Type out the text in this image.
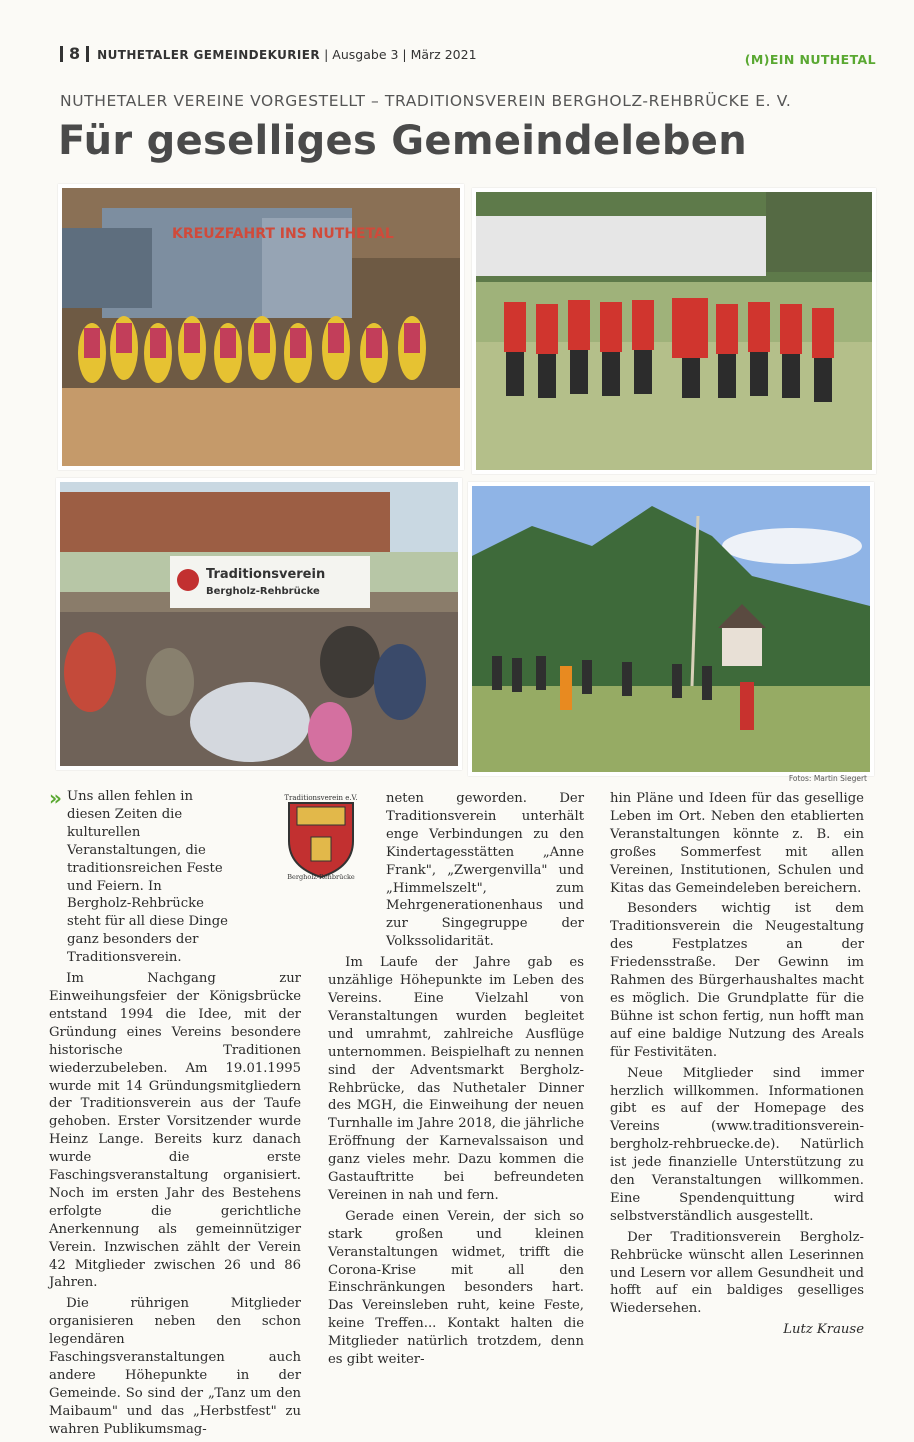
8 NUTHETALER GEMEINDEKURIER | Ausgabe 3 | März 2021	(M)EIN NUTHETAL
NUTHETALER VEREINE VORGESTELLT – TRADITIONSVEREIN BERGHOLZ-REHBRÜCKE E. V.
Für geselliges Gemeindeleben
KREUZFAHRT INS NUTHETAL
Traditionsverein
Bergholz-Rehbrücke
Fotos: Martin Siegert
» Uns allen fehlen in diesen Zeiten die kulturellen Veranstaltungen, die traditionsreichen Feste und Feiern. In Bergholz-Rehbrücke steht für all diese Dinge ganz besonders der Traditionsverein.

Im Nachgang zur Einweihungsfeier der Königsbrücke entstand 1994 die Idee, mit der Gründung eines Vereins besondere historische Traditionen wiederzubeleben. Am 19.01.1995 wurde mit 14 Gründungsmitgliedern der Traditionsverein aus der Taufe gehoben. Erster Vorsitzender wurde Heinz Lange. Bereits kurz danach wurde die erste Faschingsveranstaltung organisiert. Noch im ersten Jahr des Bestehens erfolgte die gerichtliche Anerkennung als gemeinnütziger Verein. Inzwischen zählt der Verein 42 Mitglieder zwischen 26 und 86 Jahren.

Die rührigen Mitglieder organisieren neben den schon legendären Faschingsveranstaltungen auch andere Höhepunkte in der Gemeinde. So sind der „Tanz um den Maibaum" und das „Herbstfest" zu wahren Publikumsmag-

Traditionsverein e.V.
Bergholz-Rehbrücke

neten geworden. Der Traditionsverein unterhält enge Verbindungen zu den Kindertagesstätten „Anne Frank", „Zwergenvilla" und „Himmelszelt", zum Mehrgenerationenhaus und zur Singegruppe der Volkssolidarität.

Im Laufe der Jahre gab es unzählige Höhepunkte im Leben des Vereins. Eine Vielzahl von Veranstaltungen wurden begleitet und umrahmt, zahlreiche Ausflüge unternommen. Beispielhaft zu nennen sind der Adventsmarkt Bergholz-Rehbrücke, das Nuthetaler Dinner des MGH, die Einweihung der neuen Turnhalle im Jahre 2018, die jährliche Eröffnung der Karnevalssaison und ganz vieles mehr. Dazu kommen die Gastauftritte bei befreundeten Vereinen in nah und fern.

Gerade einen Verein, der sich so stark großen und kleinen Veranstaltungen widmet, trifft die Corona-Krise mit all den Einschränkungen besonders hart. Das Vereinsleben ruht, keine Feste, keine Treffen... Kontakt halten die Mitglieder natürlich trotzdem, denn es gibt weiter-

hin Pläne und Ideen für das gesellige Leben im Ort. Neben den etablierten Veranstaltungen könnte z. B. ein großes Sommerfest mit allen Vereinen, Institutionen, Schulen und Kitas das Gemeindeleben bereichern.

Besonders wichtig ist dem Traditionsverein die Neugestaltung des Festplatzes an der Friedensstraße. Der Gewinn im Rahmen des Bürgerhaushaltes macht es möglich. Die Grundplatte für die Bühne ist schon fertig, nun hofft man auf eine baldige Nutzung des Areals für Festivitäten.

Neue Mitglieder sind immer herzlich willkommen. Informationen gibt es auf der Homepage des Vereins (www.traditionsverein-bergholz-rehbruecke.de). Natürlich ist jede finanzielle Unterstützung zu den Veranstaltungen willkommen. Eine Spendenquittung wird selbstverständlich ausgestellt.

Der Traditionsverein Bergholz-Rehbrücke wünscht allen Leserinnen und Lesern vor allem Gesundheit und hofft auf ein baldiges geselliges Wiedersehen.

Lutz Krause
